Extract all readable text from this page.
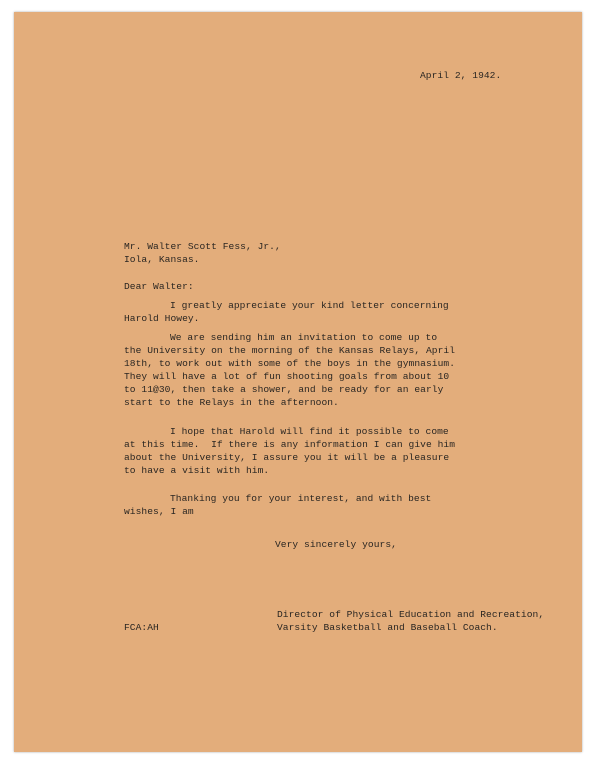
April 2, 1942.
Mr. Walter Scott Fess, Jr.,
Iola, Kansas.
Dear Walter:
I greatly appreciate your kind letter concerning
Harold Howey.
We are sending him an invitation to come up to
the University on the morning of the Kansas Relays, April
18th, to work out with some of the boys in the gymnasium.
They will have a lot of fun shooting goals from about 10
to 11@30, then take a shower, and be ready for an early
start to the Relays in the afternoon.
I hope that Harold will find it possible to come
at this time.  If there is any information I can give him
about the University, I assure you it will be a pleasure
to have a visit with him.
Thanking you for your interest, and with best
wishes, I am
Very sincerely yours,
Director of Physical Education and Recreation,
Varsity Basketball and Baseball Coach.
FCA:AH
